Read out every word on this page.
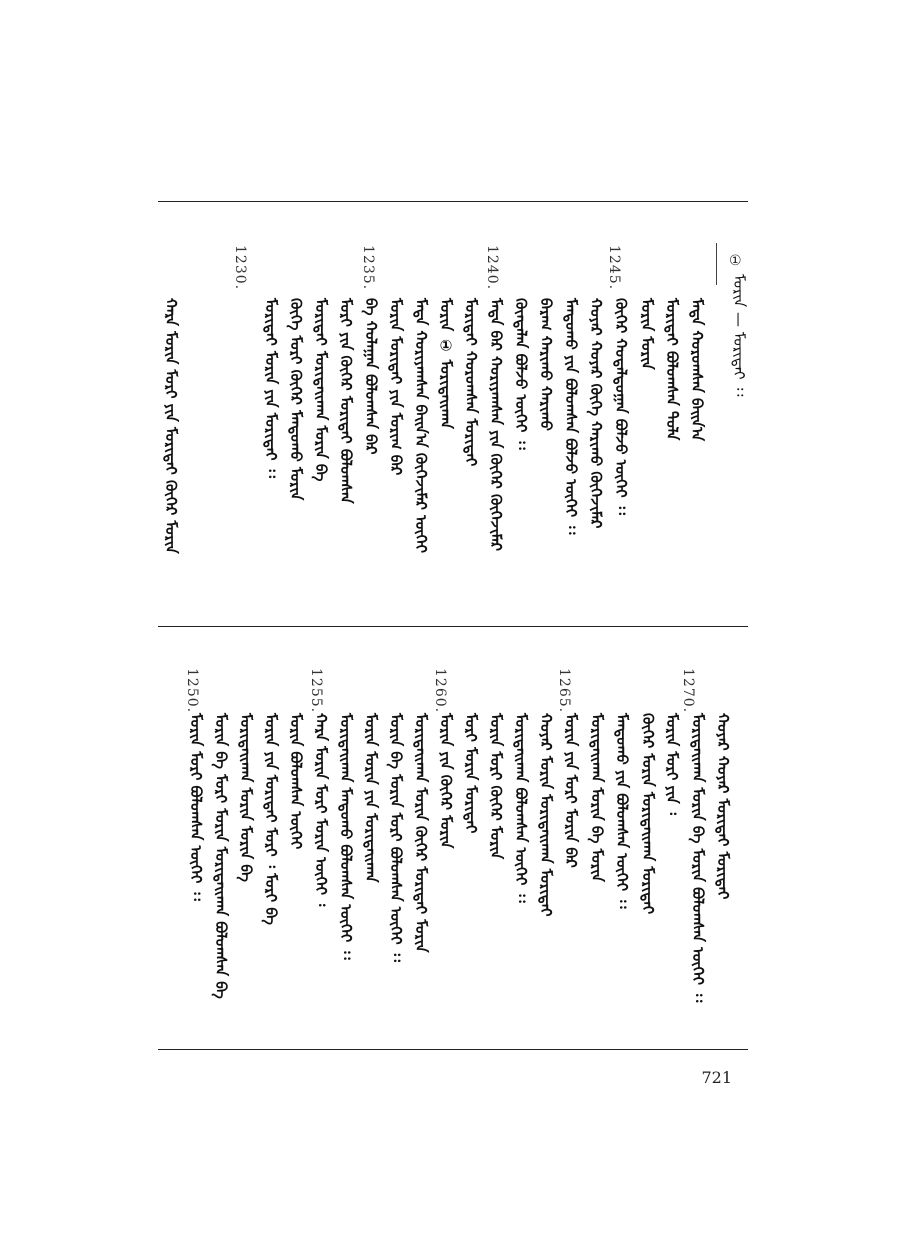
ᠮᠤᠷᠢᠨ — ᠮᠣᠷᠢᠳᠠᠢ ᠄᠄
①
1245.
1240.
1235.
1230.
ᠮᠡᠳᠡ ᠬᠣᠷᠣᠭᠰᠠᠨ ᠪᠠᠢᠨ᠎ᠠ
ᠮᠣᠷᠢᠳᠠᠢ ᠪᠣᠯᠣᠭᠰᠠᠨ ᠳᠤᠯᠠ
ᠮᠣᠷᠢᠨ ᠮᠣᠷᠢᠨ
ᠬᠥᠭᠡᠷ ᠬᠤᠳᠠᠯᠳᠤᠭᠠᠨ ᠪᠣᠯᠵᠤ ᠦᠭᠡᠢ ᠄᠄
ᠬᠣᠶᠠᠷ ᠬᠣᠶᠠᠷ ᠬᠥᠭᠡ ᠬᠠᠷᠢᠬᠤ ᠬᠥᠭᠡᠵᠢᠮᠡᠷ
ᠮᠠᠨᠳᠤᠬᠤ ᠶᠢᠨ ᠪᠣᠯᠤᠭᠰᠠᠨ ᠪᠣᠯᠵᠤ ᠦᠭᠡᠢ ᠄᠄
ᠪᠠᠷᠠᠭ ᠬᠠᠷᠢᠬᠤ ᠬᠠᠷᠢᠬᠤ
ᠬᠥᠨᠳᠡᠯᠡᠨ ᠪᠣᠯᠵᠤ ᠦᠭᠡᠢ ᠄᠄
ᠮᠡᠳᠡ ᠪᠠᠷ ᠬᠤᠷᠢᠶᠠᠭᠰᠠᠨ ᠶᠢᠨ ᠬᠥᠭᠡᠷ ᠬᠥᠭᠡᠵᠢᠮᠡᠷ
ᠮᠣᠷᠢᠳᠠᠢ ᠬᠣᠷᠣᠭᠰᠠᠨ ᠮᠣᠷᠢᠳᠠᠢ
ᠮᠣᠷᠢᠨ ① ᠮᠣᠷᠢᠳᠠᠢᠬᠠᠨ
ᠮᠡᠳᠡ ᠬᠤᠷᠢᠶᠠᠭᠰᠠᠨ ᠪᠠᠢᠨ᠎ᠠ ᠬᠥᠭᠡᠵᠢᠮᠡᠷ ᠦᠭᠡᠢ
ᠮᠣᠷᠢᠨ ᠮᠣᠷᠢᠳᠠᠢ ᠶᠢᠨ ᠮᠣᠷᠢᠭ ᠪᠠᠷ
ᠪᠠ ᠬᠤᠯᠠᠭᠠᠨ ᠪᠣᠯᠣᠭᠰᠠᠨ ᠪᠠᠷ
ᠮᠣᠷᠢ ᠶᠢᠨ ᠬᠥᠭᠡᠷ ᠮᠣᠷᠢᠳᠠᠢ ᠪᠣᠯᠣᠭᠰᠠᠨ
ᠮᠣᠷᠢᠳᠠᠢ ᠮᠣᠷᠢᠳᠠᠢᠬᠠᠨ ᠮᠣᠷᠢᠨ ᠪᠠ
ᠬᠥᠭᠡ ᠮᠣᠷᠢ ᠬᠥᠭᠡᠷ ᠮᠠᠨᠳᠤᠬᠤ ᠮᠣᠷᠢᠨ
ᠮᠣᠷᠢᠳᠠᠢ ᠮᠣᠷᠢᠨ ᠶᠢᠨ ᠮᠣᠷᠢᠳᠠᠢ ᠄᠄
ᠬᠠᠷᠠ ᠮᠣᠷᠢᠨ ᠮᠣᠷᠢ ᠶᠢᠨ ᠮᠣᠷᠢᠳᠠᠢ ᠬᠥᠭᠡᠷ ᠮᠣᠷᠢᠨ
1270.
1265.
1260.
1255.
1250.
ᠬᠣᠶᠠᠷ ᠬᠣᠶᠠᠷ ᠮᠣᠷᠢᠳᠠᠢ ᠮᠣᠷᠢᠳᠠᠢ
ᠮᠣᠷᠢᠳᠠᠢᠬᠠᠨ ᠮᠣᠷᠢᠨ ᠪᠠ ᠮᠣᠷᠢᠨ ᠪᠣᠯᠣᠭᠰᠠᠨ ᠦᠭᠡᠢ ᠄᠄
ᠮᠣᠷᠢᠨ ᠮᠣᠷᠢ ᠶᠢᠨ ᠄
ᠬᠥᠭᠡᠷ ᠮᠣᠷᠢᠨ ᠮᠣᠷᠢᠳᠠᠢᠬᠠᠨ ᠮᠣᠷᠢᠳᠠᠢ
ᠮᠠᠨᠳᠤᠬᠤ ᠶᠢᠨ ᠪᠣᠯᠣᠭᠰᠠᠨ ᠦᠭᠡᠢ ᠄᠄
ᠮᠣᠷᠢᠳᠠᠢᠬᠠᠨ ᠮᠣᠷᠢᠨ ᠪᠠ ᠮᠣᠷᠢᠨ
ᠮᠣᠷᠢᠨ ᠶᠢᠨ ᠮᠣᠷᠢ ᠮᠣᠷᠢᠨ ᠪᠠᠷ
ᠬᠣᠶᠠᠷ ᠮᠣᠷᠢᠨ ᠮᠣᠷᠢᠳᠠᠢᠬᠠᠨ ᠮᠣᠷᠢᠳᠠᠢ
ᠮᠣᠷᠢᠳᠠᠢᠬᠠᠨ ᠪᠣᠯᠣᠭᠰᠠᠨ ᠦᠭᠡᠢ ᠄᠄
ᠮᠣᠷᠢᠨ ᠮᠣᠷᠢ ᠬᠥᠭᠡᠷ ᠮᠣᠷᠢᠨ
ᠮᠣᠷᠢ ᠮᠣᠷᠢᠨ ᠮᠣᠷᠢᠳᠠᠢ
ᠮᠣᠷᠢᠨ ᠶᠢᠨ ᠬᠥᠭᠡᠷ ᠮᠣᠷᠢᠨ
ᠮᠣᠷᠢᠳᠠᠢᠬᠠᠨ ᠮᠣᠷᠢᠨ ᠬᠥᠭᠡᠷ ᠮᠣᠷᠢᠳᠠᠢ ᠮᠣᠷᠢᠨ
ᠮᠣᠷᠢᠨ ᠪᠠ ᠮᠣᠷᠢᠨ ᠮᠣᠷᠢ ᠪᠣᠯᠣᠭᠰᠠᠨ ᠦᠭᠡᠢ ᠄᠄
ᠮᠣᠷᠢᠨ ᠮᠣᠷᠢᠨ ᠶᠢᠨ ᠮᠣᠷᠢᠳᠠᠢᠬᠠᠨ
ᠮᠣᠷᠢᠳᠠᠢᠬᠠᠨ ᠮᠠᠨᠳᠤᠬᠤ ᠪᠣᠯᠣᠭᠰᠠᠨ ᠦᠭᠡᠢ ᠄᠄
ᠬᠠᠷᠠ ᠮᠣᠷᠢᠨ ᠮᠣᠷᠢ ᠮᠣᠷᠢᠨ ᠦᠭᠡᠢ ᠄
ᠮᠣᠷᠢᠨ ᠪᠣᠯᠣᠭᠰᠠᠨ ᠦᠭᠡᠢ
ᠮᠣᠷᠢᠨ ᠶᠢᠨ ᠮᠣᠷᠢᠳᠠᠢ ᠮᠣᠷᠢ ᠄ ᠮᠣᠷᠢ ᠪᠠ
ᠮᠣᠷᠢᠳᠠᠢᠬᠠᠨ ᠮᠣᠷᠢᠨ ᠮᠣᠷᠢᠨ ᠪᠠ
ᠮᠣᠷᠢᠨ ᠪᠠ ᠮᠣᠷᠢ ᠮᠣᠷᠢᠨ ᠮᠣᠷᠢᠳᠠᠢᠬᠠᠨ ᠪᠣᠯᠣᠭᠰᠠᠨ ᠪᠠ
ᠮᠣᠷᠢᠨ ᠮᠣᠷᠢ ᠪᠣᠯᠣᠭᠰᠠᠨ ᠦᠭᠡᠢ ᠄᠄
721
